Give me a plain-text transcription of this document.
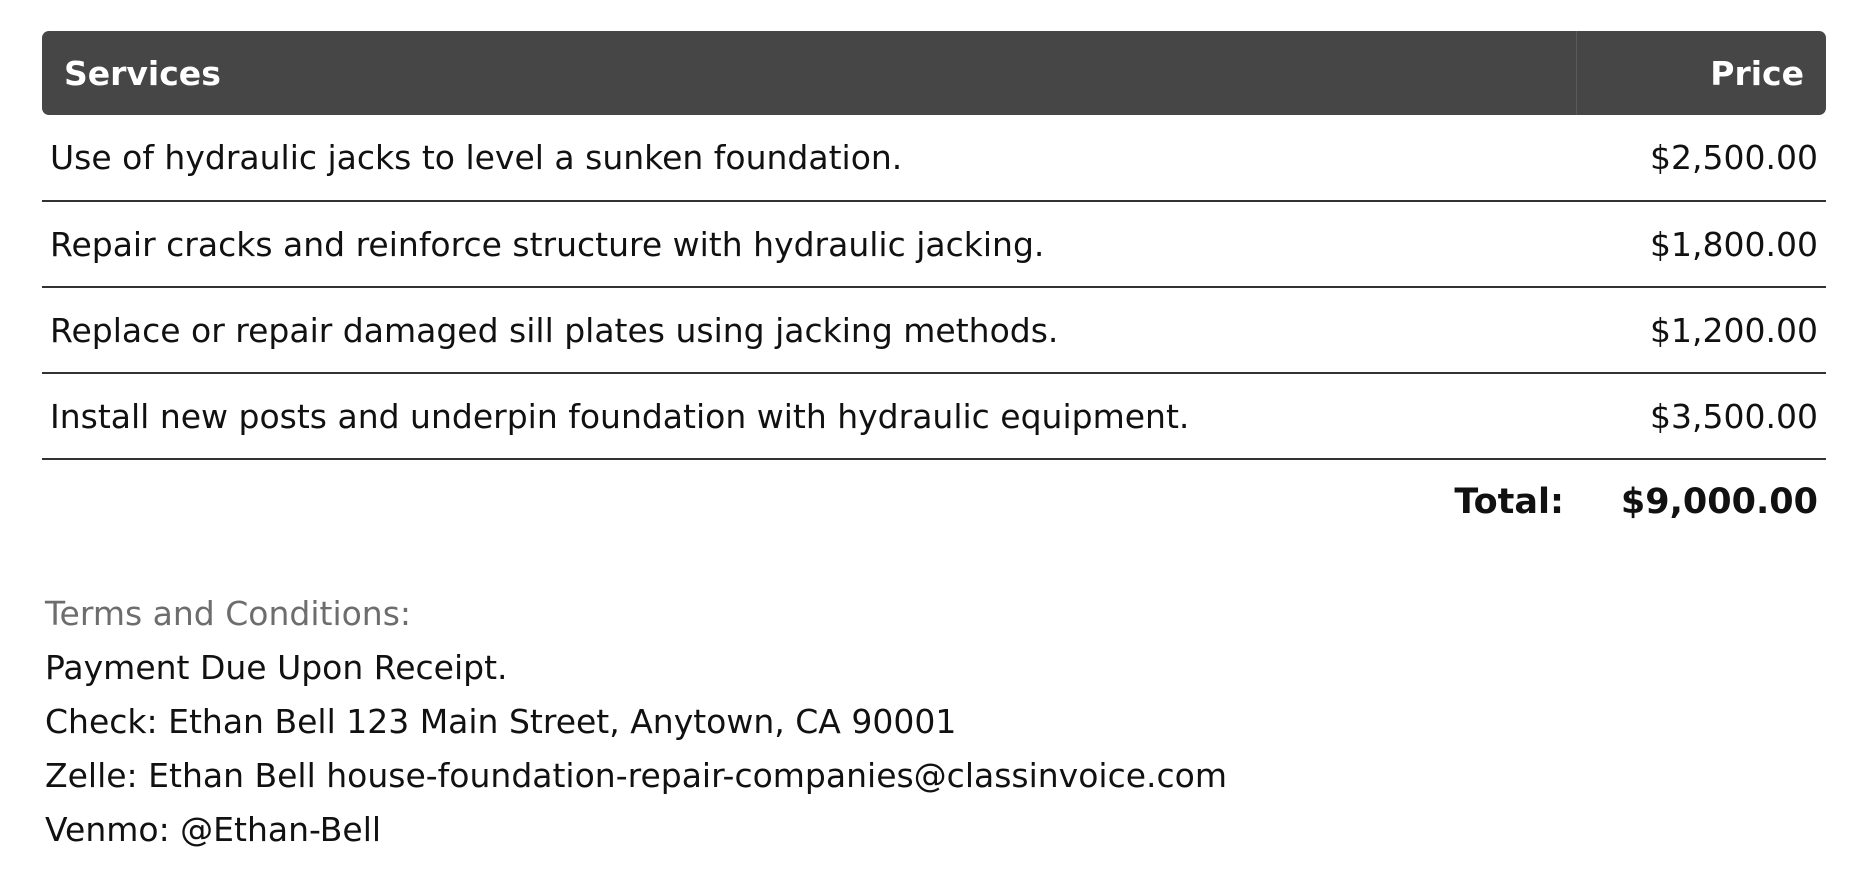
Services	Price
Use of hydraulic jacks to level a sunken foundation.	$2,500.00
Repair cracks and reinforce structure with hydraulic jacking.	$1,800.00
Replace or repair damaged sill plates using jacking methods.	$1,200.00
Install new posts and underpin foundation with hydraulic equipment.	$3,500.00
Total:	$9,000.00
Terms and Conditions:
Payment Due Upon Receipt.
Check: Ethan Bell 123 Main Street, Anytown, CA 90001
Zelle: Ethan Bell house-foundation-repair-companies@classinvoice.com
Venmo: @Ethan-Bell
